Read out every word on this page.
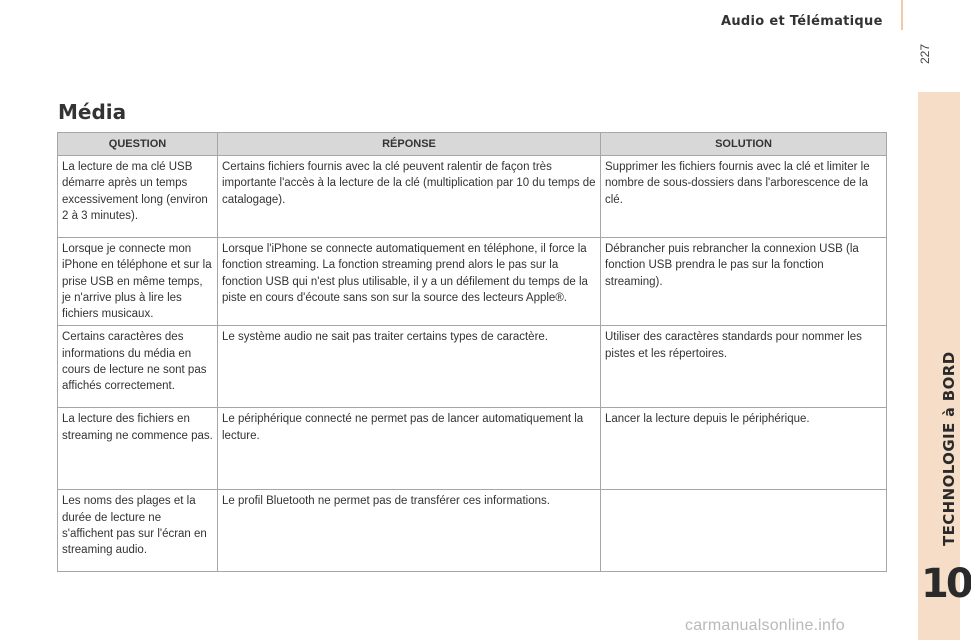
Audio et Télématique
227
TECHNOLOGIE à BORD
10
Média
QUESTION	RÉPONSE	SOLUTION
La lecture de ma clé USB démarre après un temps excessivement long (environ 2 à 3 minutes).	Certains fichiers fournis avec la clé peuvent ralentir de façon très importante l'accès à la lecture de la clé (multiplication par 10 du temps de catalogage).	Supprimer les fichiers fournis avec la clé et limiter le nombre de sous-dossiers dans l'arborescence de la clé.
Lorsque je connecte mon iPhone en téléphone et sur la prise USB en même temps, je n'arrive plus à lire les fichiers musicaux.	Lorsque l'iPhone se connecte automatiquement en téléphone, il force la fonction streaming. La fonction streaming prend alors le pas sur la fonction USB qui n'est plus utilisable, il y a un défilement du temps de la piste en cours d'écoute sans son sur la source des lecteurs Apple®.	Débrancher puis rebrancher la connexion USB (la fonction USB prendra le pas sur la fonction streaming).
Certains caractères des informations du média en cours de lecture ne sont pas affichés correctement.	Le système audio ne sait pas traiter certains types de caractère.	Utiliser des caractères standards pour nommer les pistes et les répertoires.
La lecture des fichiers en streaming ne commence pas.	Le périphérique connecté ne permet pas de lancer automatiquement la lecture.	Lancer la lecture depuis le périphérique.
Les noms des plages et la durée de lecture ne s'affichent pas sur l'écran en streaming audio.	Le profil Bluetooth ne permet pas de transférer ces informations.	
carmanualsonline.info
